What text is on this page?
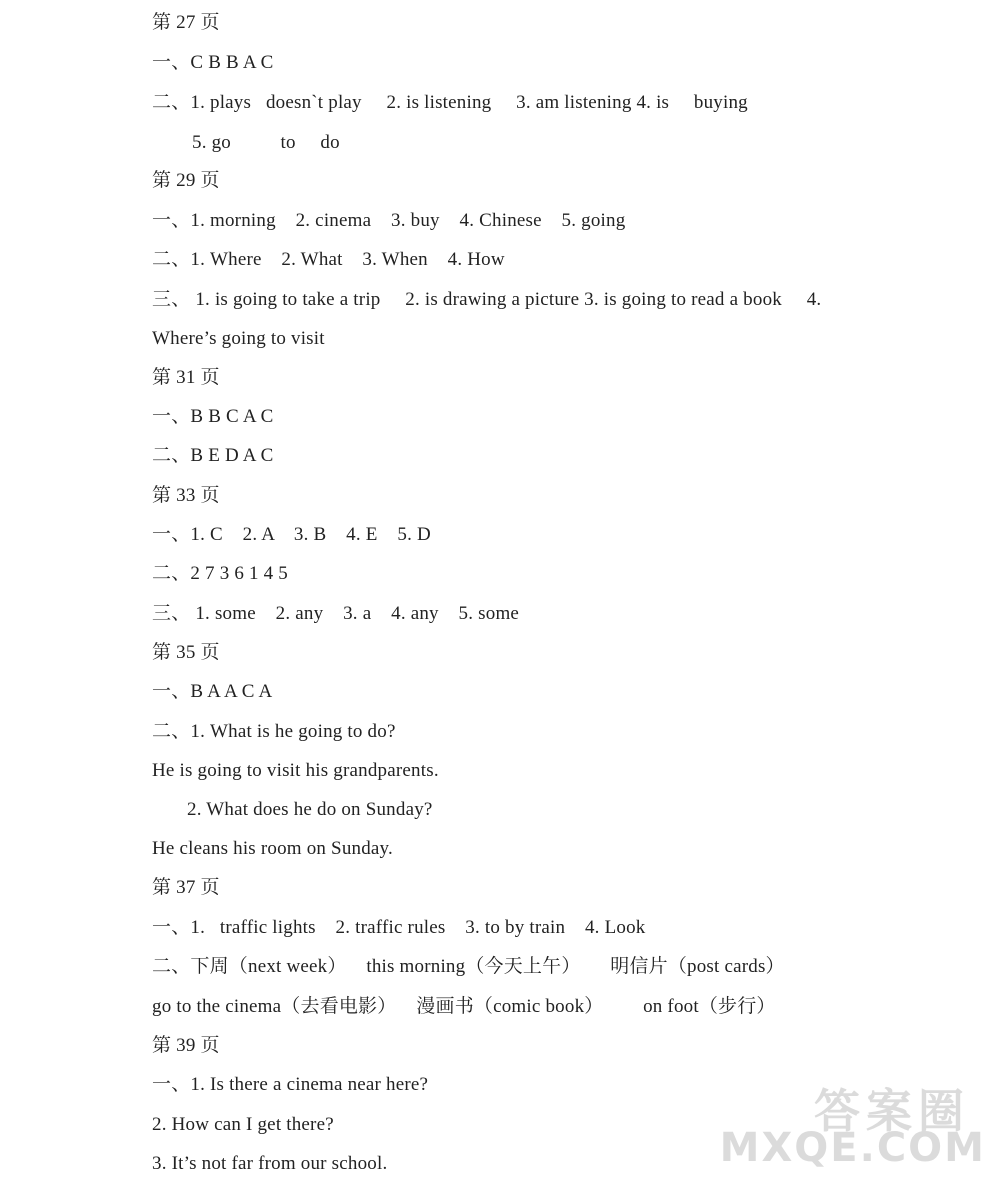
第 27 页
一、C B B A C
二、1. plays   doesn`t play     2. is listening     3. am listening 4. is     buying
5. go          to     do
第 29 页
一、1. morning    2. cinema    3. buy    4. Chinese    5. going
二、1. Where    2. What    3. When    4. How
三、 1. is going to take a trip     2. is drawing a picture 3. is going to read a book     4.
Where’s going to visit
第 31 页
一、B B C A C
二、B E D A C
第 33 页
一、1. C    2. A    3. B    4. E    5. D
二、2 7 3 6 1 4 5
三、 1. some    2. any    3. a    4. any    5. some
第 35 页
一、B A A C A
二、1. What is he going to do?
He is going to visit his grandparents.
2. What does he do on Sunday?
He cleans his room on Sunday.
第 37 页
一、1.   traffic lights    2. traffic rules    3. to by train    4. Look
二、下周（next week）    this morning（今天上午）      明信片（post cards）
go to the cinema（去看电影）    漫画书（comic book）        on foot（步行）
第 39 页
一、1. Is there a cinema near here?
2. How can I get there?
3. It’s not far from our school.
答案圈
MXQE.COM
